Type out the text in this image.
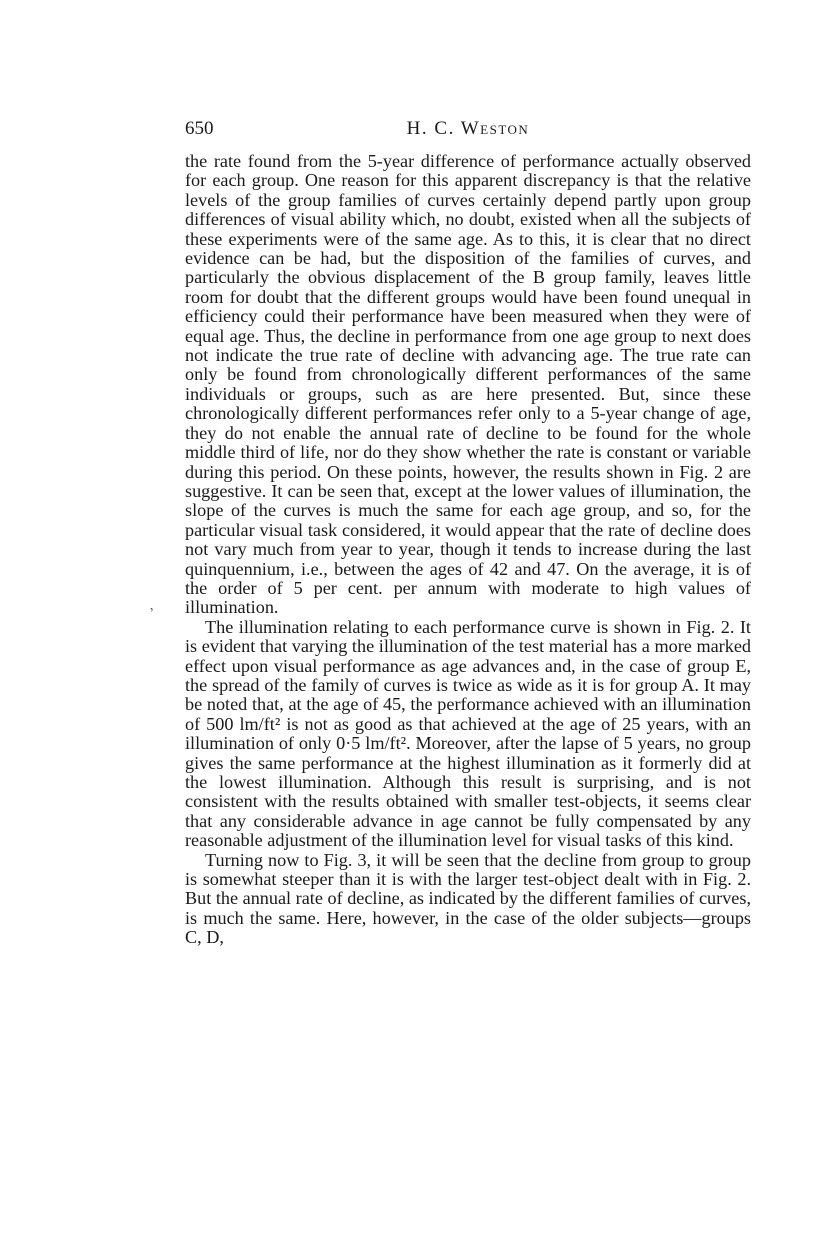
650	H. C. Weston

the rate found from the 5-year difference of performance actually observed for each group. One reason for this apparent discrepancy is that the relative levels of the group families of curves certainly depend partly upon group differences of visual ability which, no doubt, existed when all the subjects of these experiments were of the same age. As to this, it is clear that no direct evidence can be had, but the disposition of the families of curves, and particularly the obvious displacement of the B group family, leaves little room for doubt that the different groups would have been found unequal in efficiency could their performance have been measured when they were of equal age. Thus, the decline in performance from one age group to next does not indicate the true rate of decline with advancing age. The true rate can only be found from chronologically different performances of the same individuals or groups, such as are here presented. But, since these chronologically different performances refer only to a 5-year change of age, they do not enable the annual rate of decline to be found for the whole middle third of life, nor do they show whether the rate is constant or variable during this period. On these points, however, the results shown in Fig. 2 are suggestive. It can be seen that, except at the lower values of illumination, the slope of the curves is much the same for each age group, and so, for the particular visual task considered, it would appear that the rate of decline does not vary much from year to year, though it tends to increase during the last quinquennium, i.e., between the ages of 42 and 47. On the average, it is of the order of 5 per cent. per annum with moderate to high values of illumination.

The illumination relating to each performance curve is shown in Fig. 2. It is evident that varying the illumination of the test material has a more marked effect upon visual performance as age advances and, in the case of group E, the spread of the family of curves is twice as wide as it is for group A. It may be noted that, at the age of 45, the performance achieved with an illumination of 500 lm/ft² is not as good as that achieved at the age of 25 years, with an illumination of only 0·5 lm/ft². Moreover, after the lapse of 5 years, no group gives the same performance at the highest illumination as it formerly did at the lowest illumination. Although this result is surprising, and is not consistent with the results obtained with smaller test-objects, it seems clear that any considerable advance in age cannot be fully compensated by any reasonable adjustment of the illumination level for visual tasks of this kind.

Turning now to Fig. 3, it will be seen that the decline from group to group is somewhat steeper than it is with the larger test-object dealt with in Fig. 2. But the annual rate of decline, as indicated by the different families of curves, is much the same. Here, however, in the case of the older subjects—groups C, D,

ʼ
